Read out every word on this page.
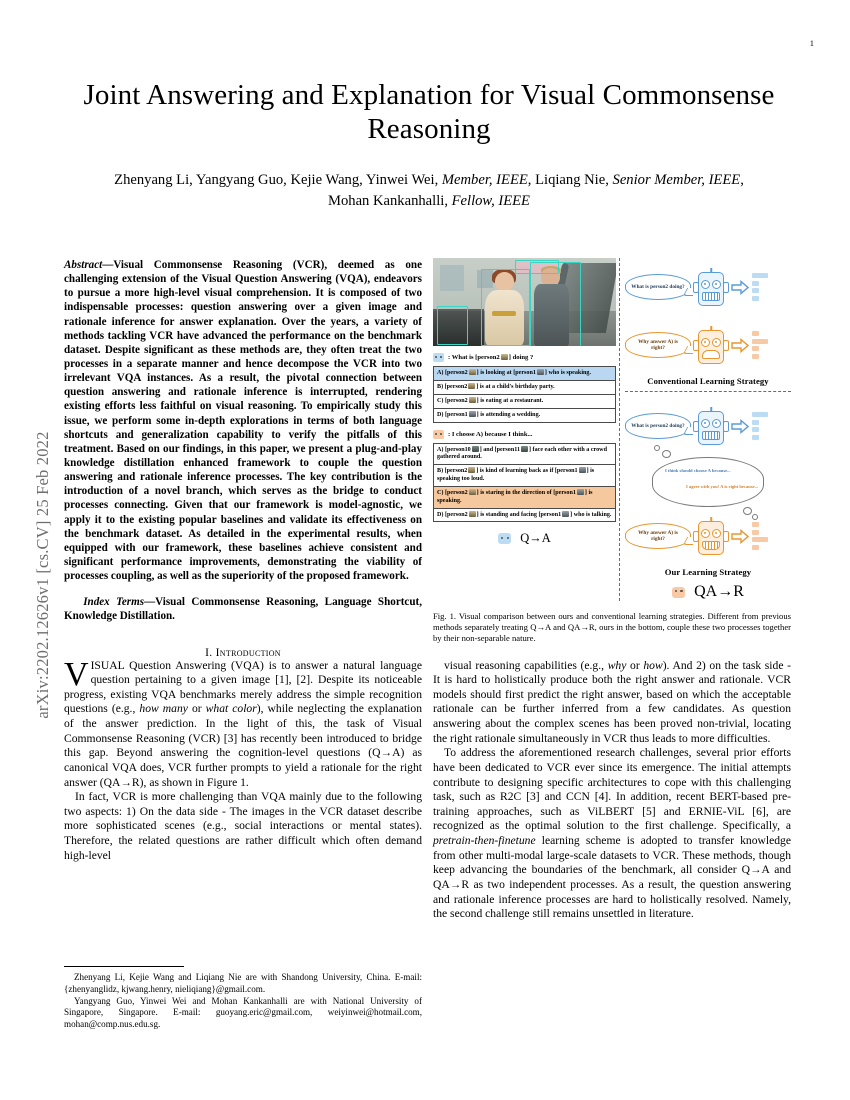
1
arXiv:2202.12626v1 [cs.CV] 25 Feb 2022
Joint Answering and Explanation for Visual Commonsense Reasoning
Zhenyang Li, Yangyang Guo, Kejie Wang, Yinwei Wei, Member, IEEE, Liqiang Nie, Senior Member, IEEE,
Mohan Kankanhalli, Fellow, IEEE
Abstract—Visual Commonsense Reasoning (VCR), deemed as one challenging extension of the Visual Question Answering (VQA), endeavors to pursue a more high-level visual comprehension. It is composed of two indispensable processes: question answering over a given image and rationale inference for answer explanation. Over the years, a variety of methods tackling VCR have advanced the performance on the benchmark dataset. Despite significant as these methods are, they often treat the two processes in a separate manner and hence decompose the VCR into two irrelevant VQA instances. As a result, the pivotal connection between question answering and rationale inference is interrupted, rendering existing efforts less faithful on visual reasoning. To empirically study this issue, we perform some in-depth explorations in terms of both language shortcuts and generalization capability to verify the pitfalls of this treatment. Based on our findings, in this paper, we present a plug-and-play knowledge distillation enhanced framework to couple the question answering and rationale inference processes. The key contribution is the introduction of a novel branch, which serves as the bridge to conduct processes connecting. Given that our framework is model-agnostic, we apply it to the existing popular baselines and validate its effectiveness on the benchmark dataset. As detailed in the experimental results, when equipped with our framework, these baselines achieve consistent and significant performance improvements, demonstrating the viability of processes coupling, as well as the superiority of the proposed framework.
Index Terms—Visual Commonsense Reasoning, Language Shortcut, Knowledge Distillation.
I. Introduction
V ISUAL Question Answering (VQA) is to answer a natural language question pertaining to a given image [1], [2]. Despite its noticeable progress, existing VQA benchmarks merely address the simple recognition questions (e.g., how many or what color), while neglecting the explanation of the answer prediction. In the light of this, the task of Visual Commonsense Reasoning (VCR) [3] has recently been introduced to bridge this gap. Beyond answering the cognition-level questions (Q→A) as canonical VQA does, VCR further prompts to yield a rationale for the right answer (QA→R), as shown in Figure 1.

In fact, VCR is more challenging than VQA mainly due to the following two aspects: 1) On the data side - The images in the VCR dataset describe more sophisticated scenes (e.g., social interactions or mental states). Therefore, the related questions are rather difficult which often demand high-level

Zhenyang Li, Kejie Wang and Liqiang Nie are with Shandong University, China. E-mail: {zhenyanglidz, kjwang.henry, nieliqiang}@gmail.com.

Yangyang Guo, Yinwei Wei and Mohan Kankanhalli are with National University of Singapore, Singapore. E-mail: guoyang.eric@gmail.com, weiyinwei@hotmail.com, mohan@comp.nus.edu.sg.

: What is [person2 ] doing ?
A) [person2 ] is looking at [person1 ] who is speaking.
B) [person2 ] is at a child's birthday party.
C) [person2 ] is eating at a restaurant.
D) [person1 ] is attending a wedding.
: I choose A) because I think...
A) [person10 ] and [person11 ] face each other with a crowd gathered around.
B) [person2 ] is kind of learning back as if [person1 ] is speaking too loud.
C) [person2 ] is staring in the direction of [person1 ] is speaking.
D) [person2 ] is standing and facing [person1 ] who is talking.
Q→A
What is person2 doing?
Why answer A) is right?
Conventional Learning Strategy
What is person2 doing?
I think should choose A because...
I agree with you! A is right because...
Why answer A) is right?
Our Learning Strategy
QA→R
Fig. 1. Visual comparison between ours and conventional learning strategies. Different from previous methods separately treating Q→A and QA→R, ours in the bottom, couple these two processes together by their non-separable nature.

visual reasoning capabilities (e.g., why or how). And 2) on the task side - It is hard to holistically produce both the right answer and rationale. VCR models should first predict the right answer, based on which the acceptable rationale can be further inferred from a few candidates. As question answering about the complex scenes has been proved non-trivial, locating the right rationale simultaneously in VCR thus leads to more difficulties.

To address the aforementioned research challenges, several prior efforts have been dedicated to VCR ever since its emergence. The initial attempts contribute to designing specific architectures to cope with this challenging task, such as R2C [3] and CCN [4]. In addition, recent BERT-based pre-training approaches, such as ViLBERT [5] and ERNIE-ViL [6], are recognized as the optimal solution to the first challenge. Specifically, a pretrain-then-finetune learning scheme is adopted to transfer knowledge from other multi-modal large-scale datasets to VCR. These methods, though keep advancing the boundaries of the benchmark, all consider Q→A and QA→R as two independent processes. As a result, the question answering and rationale inference processes are hard to holistically resolved. Namely, the second challenge still remains unsettled in literature.
